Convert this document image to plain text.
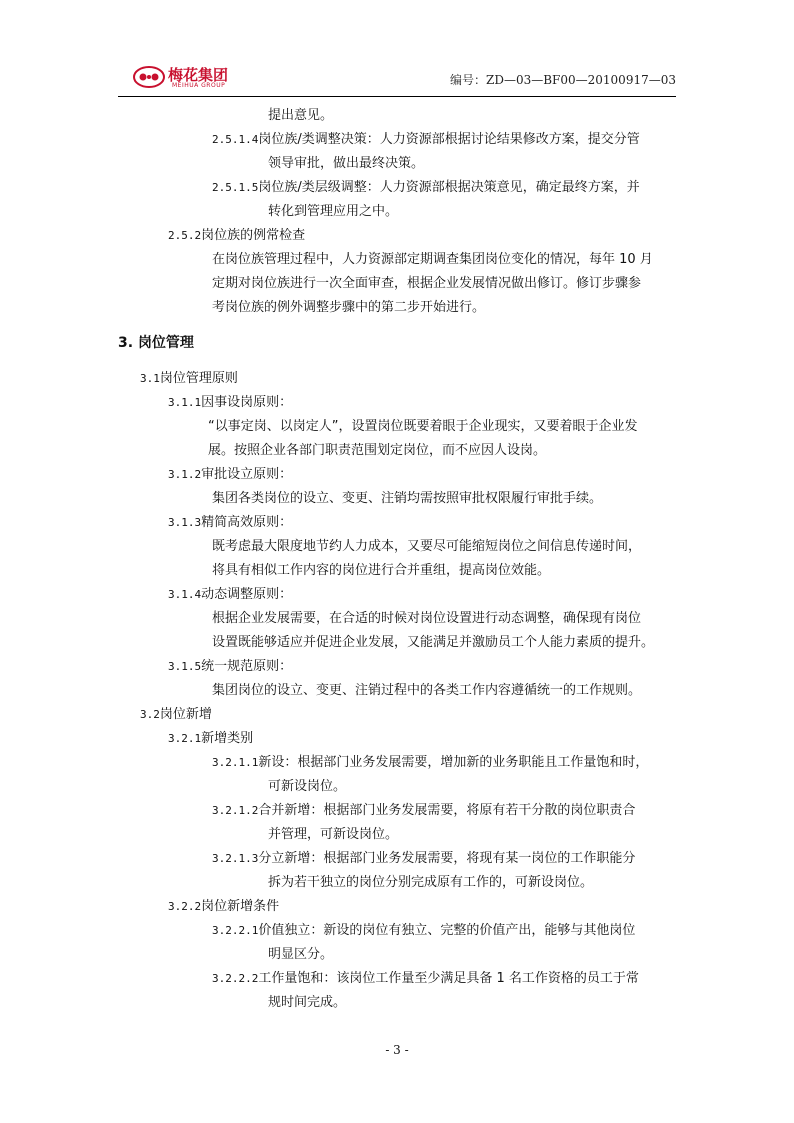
梅花集团
MEIHUA GROUP	编号：ZD—03—BF00—20100917—03
提出意见。
2.5.1.4岗位族/类调整决策：人力资源部根据讨论结果修改方案，提交分管
领导审批，做出最终决策。
2.5.1.5岗位族/类层级调整：人力资源部根据决策意见，确定最终方案，并
转化到管理应用之中。
2.5.2岗位族的例常检查
在岗位族管理过程中，人力资源部定期调查集团岗位变化的情况，每年 10 月
定期对岗位族进行一次全面审查，根据企业发展情况做出修订。修订步骤参
考岗位族的例外调整步骤中的第二步开始进行。
3. 岗位管理
3.1岗位管理原则
3.1.1因事设岗原则：
“以事定岗、以岗定人”，设置岗位既要着眼于企业现实，又要着眼于企业发
展。按照企业各部门职责范围划定岗位，而不应因人设岗。
3.1.2审批设立原则：
集团各类岗位的设立、变更、注销均需按照审批权限履行审批手续。
3.1.3精简高效原则：
既考虑最大限度地节约人力成本，又要尽可能缩短岗位之间信息传递时间，
将具有相似工作内容的岗位进行合并重组，提高岗位效能。
3.1.4动态调整原则：
根据企业发展需要，在合适的时候对岗位设置进行动态调整，确保现有岗位
设置既能够适应并促进企业发展，又能满足并激励员工个人能力素质的提升。
3.1.5统一规范原则：
集团岗位的设立、变更、注销过程中的各类工作内容遵循统一的工作规则。
3.2岗位新增
3.2.1新增类别
3.2.1.1新设：根据部门业务发展需要，增加新的业务职能且工作量饱和时，
可新设岗位。
3.2.1.2合并新增：根据部门业务发展需要，将原有若干分散的岗位职责合
并管理，可新设岗位。
3.2.1.3分立新增：根据部门业务发展需要，将现有某一岗位的工作职能分
拆为若干独立的岗位分别完成原有工作的，可新设岗位。
3.2.2岗位新增条件
3.2.2.1价值独立：新设的岗位有独立、完整的价值产出，能够与其他岗位
明显区分。
3.2.2.2工作量饱和：该岗位工作量至少满足具备 1 名工作资格的员工于常
规时间完成。
- 3 -
